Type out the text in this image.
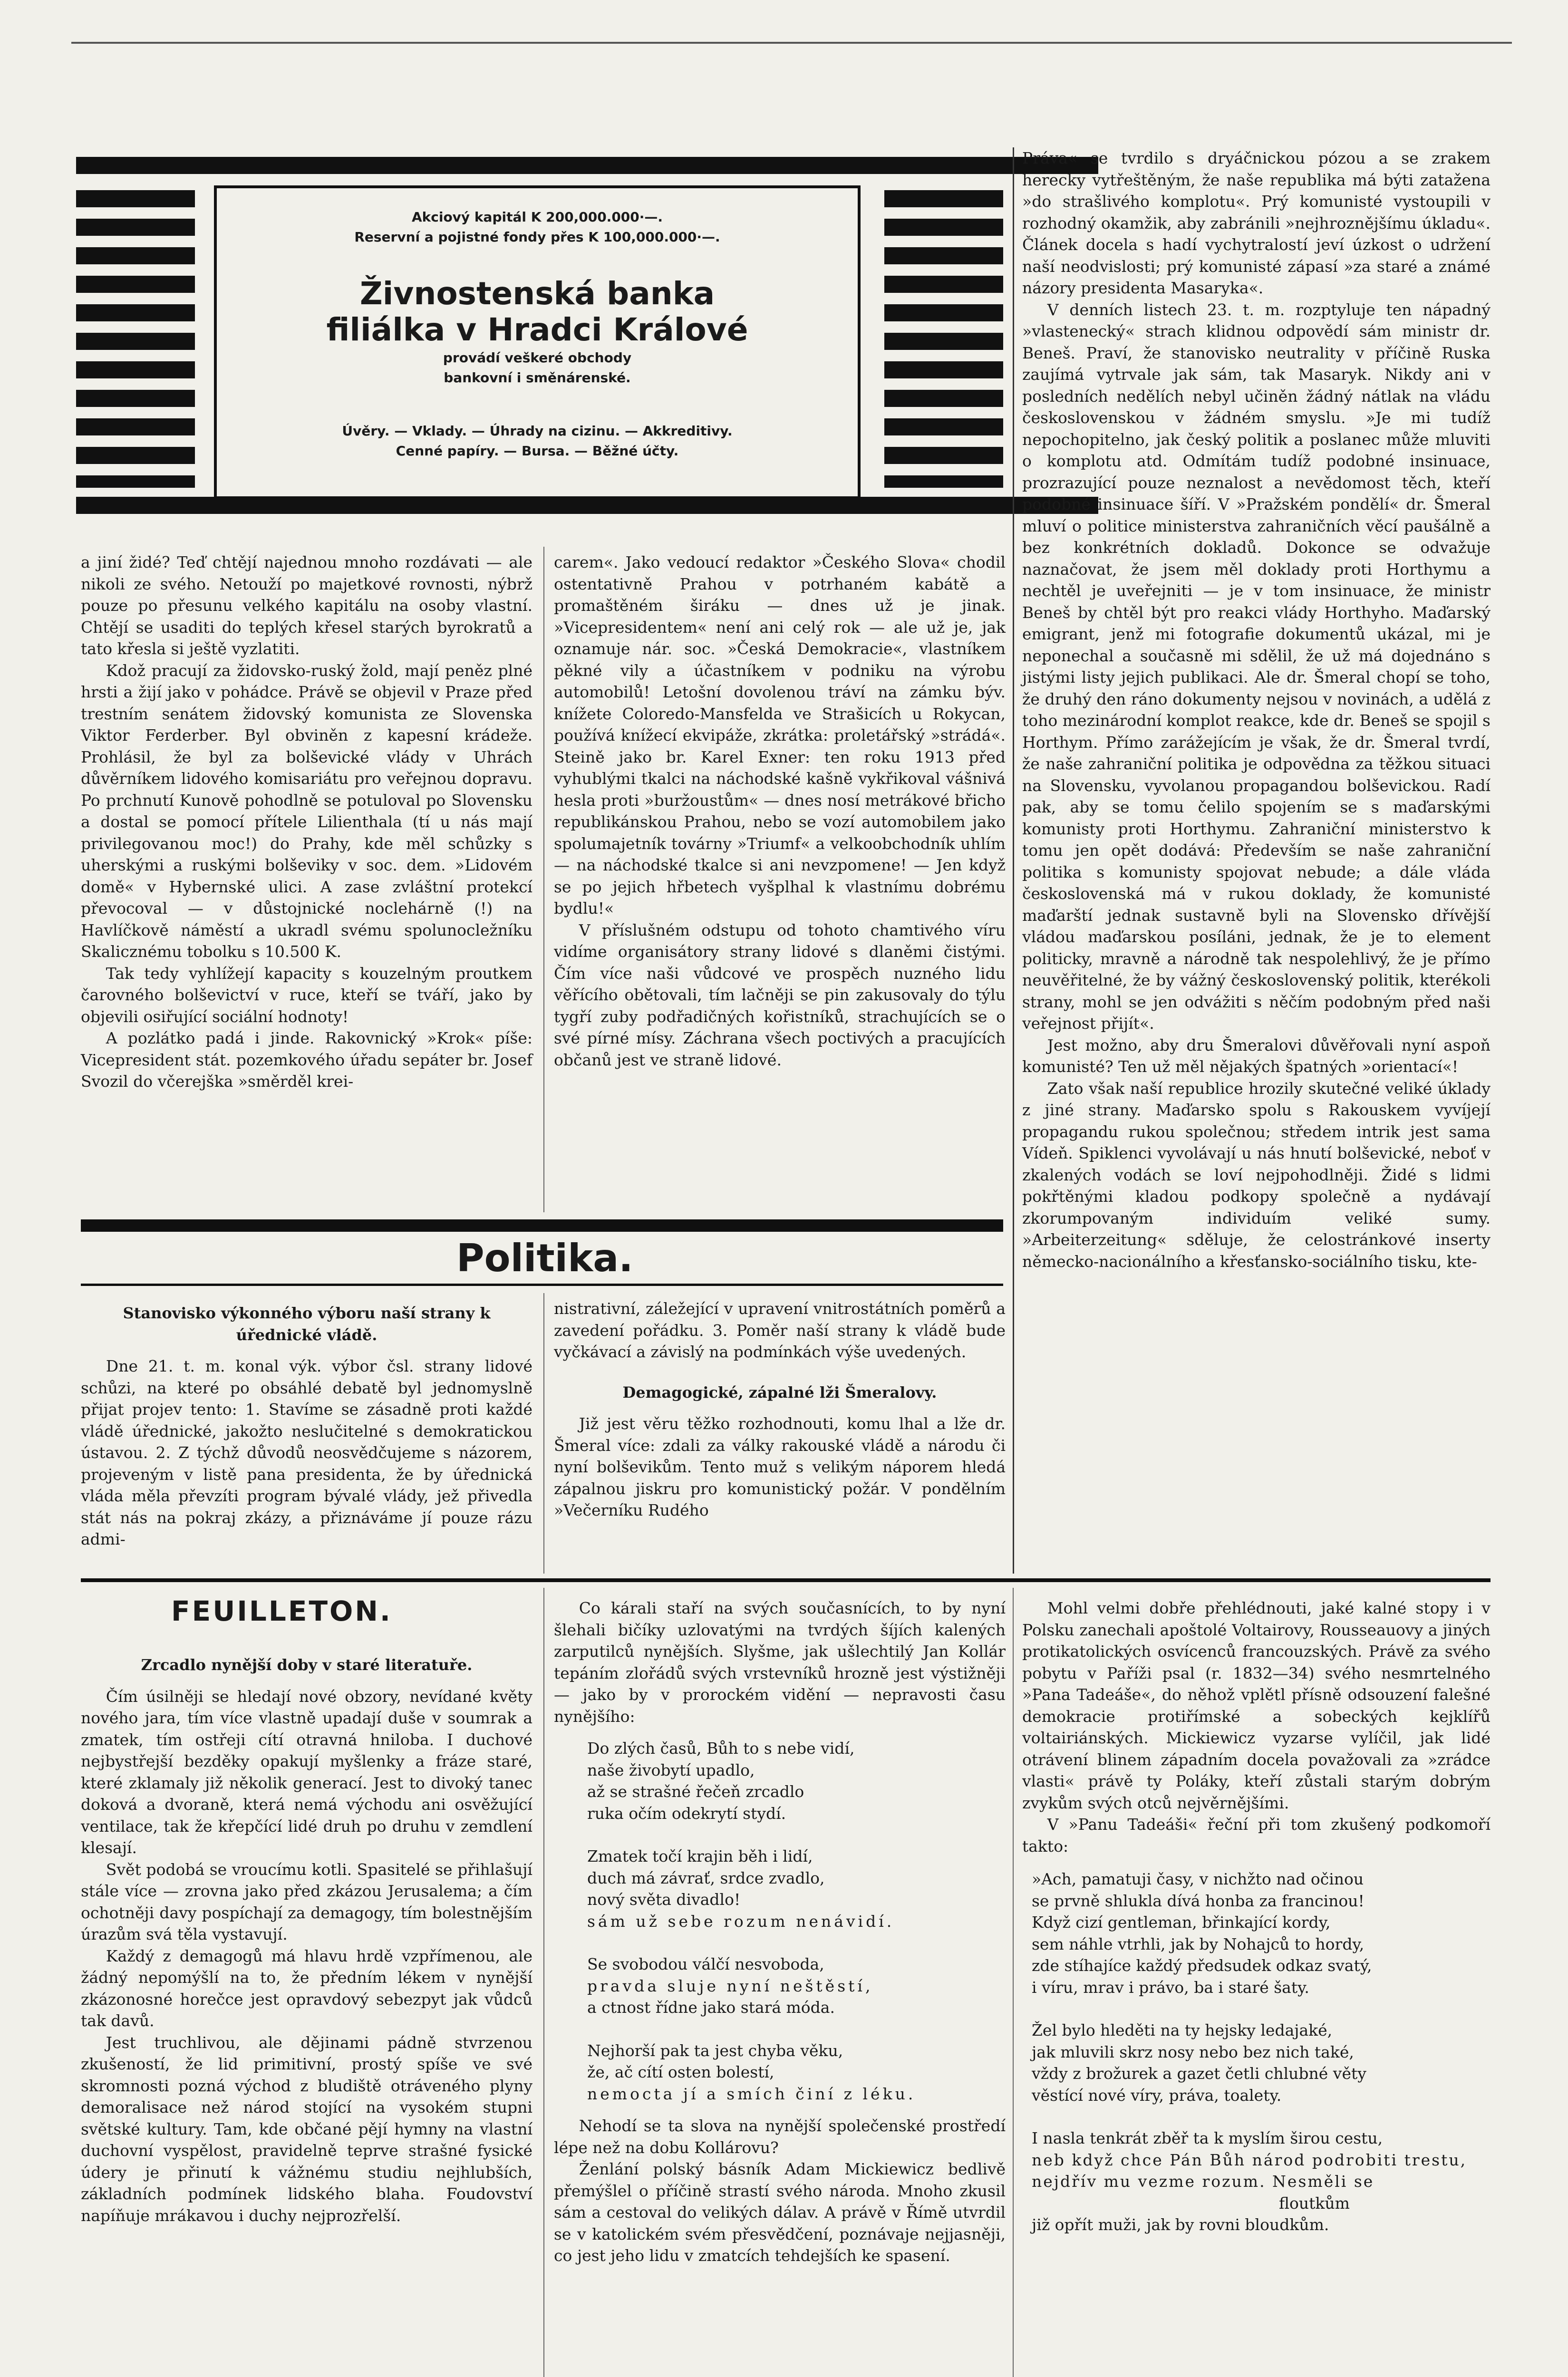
Akciový kapitál K 200,000.000·—.
Reservní a pojistné fondy přes K 100,000.000·—.
Živnostenská banka
filiálka v Hradci Králové
provádí veškeré obchody
bankovní i směnárenské.
Úvěry. — Vklady. — Úhrady na cizinu. — Akkreditivy.
Cenné papíry. — Bursa. — Běžné účty.

a jiní židé? Teď chtějí najednou mnoho rozdávati — ale nikoli ze svého. Netouží po majetkové rovnosti, nýbrž pouze po přesunu velkého kapitálu na osoby vlastní. Chtějí se usaditi do teplých křesel starých byrokratů a tato křesla si ještě vyzlatiti.

Kdož pracují za židovsko-ruský žold, mají peněz plné hrsti a žijí jako v pohádce. Právě se objevil v Praze před trestním senátem židovský komunista ze Slovenska Viktor Ferderber. Byl obviněn z kapesní krádeže. Prohlásil, že byl za bolševické vlády v Uhrách důvěrníkem lidového komisariátu pro veřejnou dopravu. Po prchnutí Kunově pohodlně se potuloval po Slovensku a dostal se pomocí přítele Lilienthala (tí u nás mají privilegovanou moc!) do Prahy, kde měl schůzky s uherskými a ruskými bolševiky v soc. dem. »Lidovém domě« v Hybernské ulici. A zase zvláštní protekcí převocoval — v důstojnické noclehárně (!) na Havlíčkově náměstí a ukradl svému spolunocležníku Skalicznému tobolku s 10.500 K.

Tak tedy vyhlížejí kapacity s kouzelným proutkem čarovného bolševictví v ruce, kteří se tváří, jako by objevili osiřující sociální hodnoty!

A pozlátko padá i jinde. Rakovnický »Krok« píše: Vicepresident stát. pozemkového úřadu sepáter br. Josef Svozil do včerejška »směrděl krei-

carem«. Jako vedoucí redaktor »Českého Slova« chodil ostentativně Prahou v potrhaném kabátě a promaštěném širáku — dnes už je jinak. »Vicepresidentem« není ani celý rok — ale už je, jak oznamuje nár. soc. »Česká Demokracie«, vlastníkem pěkné vily a účastníkem v podniku na výrobu automobilů! Letošní dovolenou tráví na zámku býv. knížete Coloredo-Mansfelda ve Strašicích u Rokycan, používá knížecí ekvipáže, zkrátka: proletářský »strádá«. Steině jako br. Karel Exner: ten roku 1913 před vyhublými tkalci na náchodské kašně vykřikoval vášnivá hesla proti »buržoustům« — dnes nosí metrákové břicho republikánskou Prahou, nebo se vozí automobilem jako spolumajetník továrny »Triumf« a velkoobchodník uhlím — na náchodské tkalce si ani nevzpomene! — Jen když se po jejich hřbetech vyšplhal k vlastnímu dobrému bydlu!«

V příslušném odstupu od tohoto chamtivého víru vidíme organisátory strany lidové s dlaněmi čistými. Čím více naši vůdcové ve prospěch nuzného lidu věřícího obětovali, tím lačněji se pin zakusovaly do týlu tygří zuby podřadičných kořistníků, strachujících se o své pírné mísy. Záchrana všech poctivých a pracujících občanů jest ve straně lidové.

Práva« se tvrdilo s dryáčnickou pózou a se zrakem herecky vytřeštěným, že naše republika má býti zatažena »do strašlivého komplotu«. Prý komunisté vystoupili v rozhodný okamžik, aby zabránili »nejhroznějšímu úkladu«. Článek docela s hadí vychytralostí jeví úzkost o udržení naší neodvislosti; prý komunisté zápasí »za staré a známé názory presidenta Masaryka«.

V denních listech 23. t. m. rozptyluje ten nápadný »vlastenecký« strach klidnou odpovědí sám ministr dr. Beneš. Praví, že stanovisko neutrality v příčině Ruska zaujímá vytrvale jak sám, tak Masaryk. Nikdy ani v posledních nedělích nebyl učiněn žádný nátlak na vládu československou v žádném smyslu. »Je mi tudíž nepochopitelno, jak český politik a poslanec může mluviti o komplotu atd. Odmítám tudíž podobné insinuace, prozrazující pouze neznalost a nevědomost těch, kteří podobné insinuace šíří. V »Pražském pondělí« dr. Šmeral mluví o politice ministerstva zahraničních věcí paušálně a bez konkrétních dokladů. Dokonce se odvažuje naznačovat, že jsem měl doklady proti Horthymu a nechtěl je uveřejniti — je v tom insinuace, že ministr Beneš by chtěl být pro reakci vlády Horthyho. Maďarský emigrant, jenž mi fotografie dokumentů ukázal, mi je neponechal a současně mi sdělil, že už má dojednáno s jistými listy jejich publikaci. Ale dr. Šmeral chopí se toho, že druhý den ráno dokumenty nejsou v novinách, a udělá z toho mezinárodní komplot reakce, kde dr. Beneš se spojil s Horthym. Přímo zarážejícím je však, že dr. Šmeral tvrdí, že naše zahraniční politika je odpovědna za těžkou situaci na Slovensku, vyvolanou propagandou bolševickou. Radí pak, aby se tomu čelilo spojením se s maďarskými komunisty proti Horthymu. Zahraniční ministerstvo k tomu jen opět dodává: Především se naše zahraniční politika s komunisty spojovat nebude; a dále vláda československá má v rukou doklady, že komunisté maďarští jednak sustavně byli na Slovensko dřívější vládou maďarskou posíláni, jednak, že je to element politicky, mravně a národně tak nespolehlivý, že je přímo neuvěřitelné, že by vážný československý politik, kterékoli strany, mohl se jen odvážiti s něčím podobným před naši veřejnost přijít«.

Jest možno, aby dru Šmeralovi důvěřovali nyní aspoň komunisté? Ten už měl nějakých špatných »orientací«!

Zato však naší republice hrozily skutečné veliké úklady z jiné strany. Maďarsko spolu s Rakouskem vyvíjejí propagandu rukou společnou; středem intrik jest sama Vídeň. Spiklenci vyvolávají u nás hnutí bolševické, neboť v zkalených vodách se loví nejpohodlněji. Židé s lidmi pokřtěnými kladou podkopy společně a nydávají zkorumpovaným individuím veliké sumy. »Arbeiterzeitung« sděluje, že celostránkové inserty německo-nacionálního a křesťansko-sociálního tisku, kte-

Politika.
Stanovisko výkonného výboru naší strany k úřednické vládě.

Dne 21. t. m. konal výk. výbor čsl. strany lidové schůzi, na které po obsáhlé debatě byl jednomyslně přijat projev tento: 1. Stavíme se zásadně proti každé vládě úřednické, jakožto neslučitelné s demokratickou ústavou. 2. Z týchž důvodů neosvědčujeme s názorem, projeveným v listě pana presidenta, že by úřednická vláda měla převzíti program bývalé vlády, jež přivedla stát nás na pokraj zkázy, a přiznáváme jí pouze rázu admi-

nistrativní, záležející v upravení vnitrostátních poměrů a zavedení pořádku. 3. Poměr naší strany k vládě bude vyčkávací a závislý na podmínkách výše uvedených.

Demagogické, zápalné lži Šmeralovy.

Již jest věru těžko rozhodnouti, komu lhal a lže dr. Šmeral více: zdali za války rakouské vládě a národu či nyní bolševikům. Tento muž s velikým náporem hledá zápalnou jiskru pro komunistický požár. V pondělním »Večerníku Rudého

FEUILLETON.
Zrcadlo nynější doby v staré literatuře.

Čím úsilněji se hledají nové obzory, nevídané květy nového jara, tím více vlastně upadají duše v soumrak a zmatek, tím ostřeji cítí otravná hniloba. I duchové nejbystřejší bezděky opakují myšlenky a fráze staré, které zklamaly již několik generací. Jest to divoký tanec doková a dvoraně, která nemá východu ani osvěžující ventilace, tak že křepčící lidé druh po druhu v zemdlení klesají.

Svět podobá se vroucímu kotli. Spasitelé se přihlašují stále více — zrovna jako před zkázou Jerusalema; a čím ochotněji davy pospíchají za demagogy, tím bolestnějším úrazům svá těla vystavují.

Každý z demagogů má hlavu hrdě vzpřímenou, ale žádný nepomýšlí na to, že předním lékem v nynější zkázonosné horečce jest opravdový sebezpyt jak vůdců tak davů.

Jest truchlivou, ale dějinami pádně stvrzenou zkušeností, že lid primitivní, prostý spíše ve své skromnosti pozná východ z bludiště otráveného plyny demoralisace než národ stojící na vysokém stupni světské kultury. Tam, kde občané pějí hymny na vlastní duchovní vyspělost, pravidelně teprve strašné fysické údery je přinutí k vážnému studiu nejhlubších, základních podmínek lidského blaha. Foudovství napíňuje mrákavou i duchy nejprozřelší.

Co kárali staří na svých současnících, to by nyní šlehali bičíky uzlovatými na tvrdých šíjích kalených zarputilců nynějších. Slyšme, jak ušlechtilý Jan Kollár tepáním zlořádů svých vrstevníků hrozně jest výstižněji — jako by v prorockém vidění — nepravosti času nynějšího:

Do zlých časů, Bůh to s nebe vidí,

naše živobytí upadlo,

až se strašné řečeň zrcadlo

ruka očím odekrytí stydí.

Zmatek točí krajin běh i lidí,

duch má závrať, srdce zvadlo,

nový světa divadlo!

sám už sebe rozum nenávidí.

Se svobodou válčí nesvoboda,

pravda sluje nyní neštěstí,

a ctnost řídne jako stará móda.

Nejhorší pak ta jest chyba věku,

že, ač cítí osten bolestí,

nemocta jí a smích činí z léku.

Nehodí se ta slova na nynější společenské prostředí lépe než na dobu Kollárovu?

Ženlání polský básník Adam Mickiewicz bedlivě přemýšlel o příčině strastí svého národa. Mnoho zkusil sám a cestoval do velikých dálav. A právě v Římě utvrdil se v katolickém svém přesvědčení, poznávaje nejjasněji, co jest jeho lidu v zmatcích tehdejších ke spasení.

Mohl velmi dobře přehlédnouti, jaké kalné stopy i v Polsku zanechali apoštolé Voltairovy, Rousseauovy a jiných protikatolických osvícenců francouzských. Právě za svého pobytu v Paříži psal (r. 1832—34) svého nesmrtelného »Pana Tadeáše«, do něhož vplětl přísně odsouzení falešné demokracie protiřímské a sobeckých kejklířů voltairiánských. Mickiewicz vyzarse vylíčil, jak lidé otrávení blinem západním docela považovali za »zrádce vlasti« právě ty Poláky, kteří zůstali starým dobrým zvykům svých otců nejvěrnějšími.

V »Panu Tadeáši« řeční při tom zkušený podkomoří takto:

»Ach, pamatuji časy, v nichžto nad očinou

se prvně shlukla dívá honba za francinou!

Když cizí gentleman, břinkající kordy,

sem náhle vtrhli, jak by Nohajců to hordy,

zde stíhajíce každý předsudek odkaz svatý,

i víru, mrav i právo, ba i staré šaty.

Žel bylo hleděti na ty hejsky ledajaké,

jak mluvili skrz nosy nebo bez nich také,

vždy z brožurek a gazet četli chlubné věty

věstící nové víry, práva, toalety.

I nasla tenkrát zběř ta k myslím širou cestu,

neb když chce Pán Bůh národ podrobiti trestu,

nejdřív mu vezme rozum. Nesměli se

floutkům

již opřít muži, jak by rovni bloudkům.
